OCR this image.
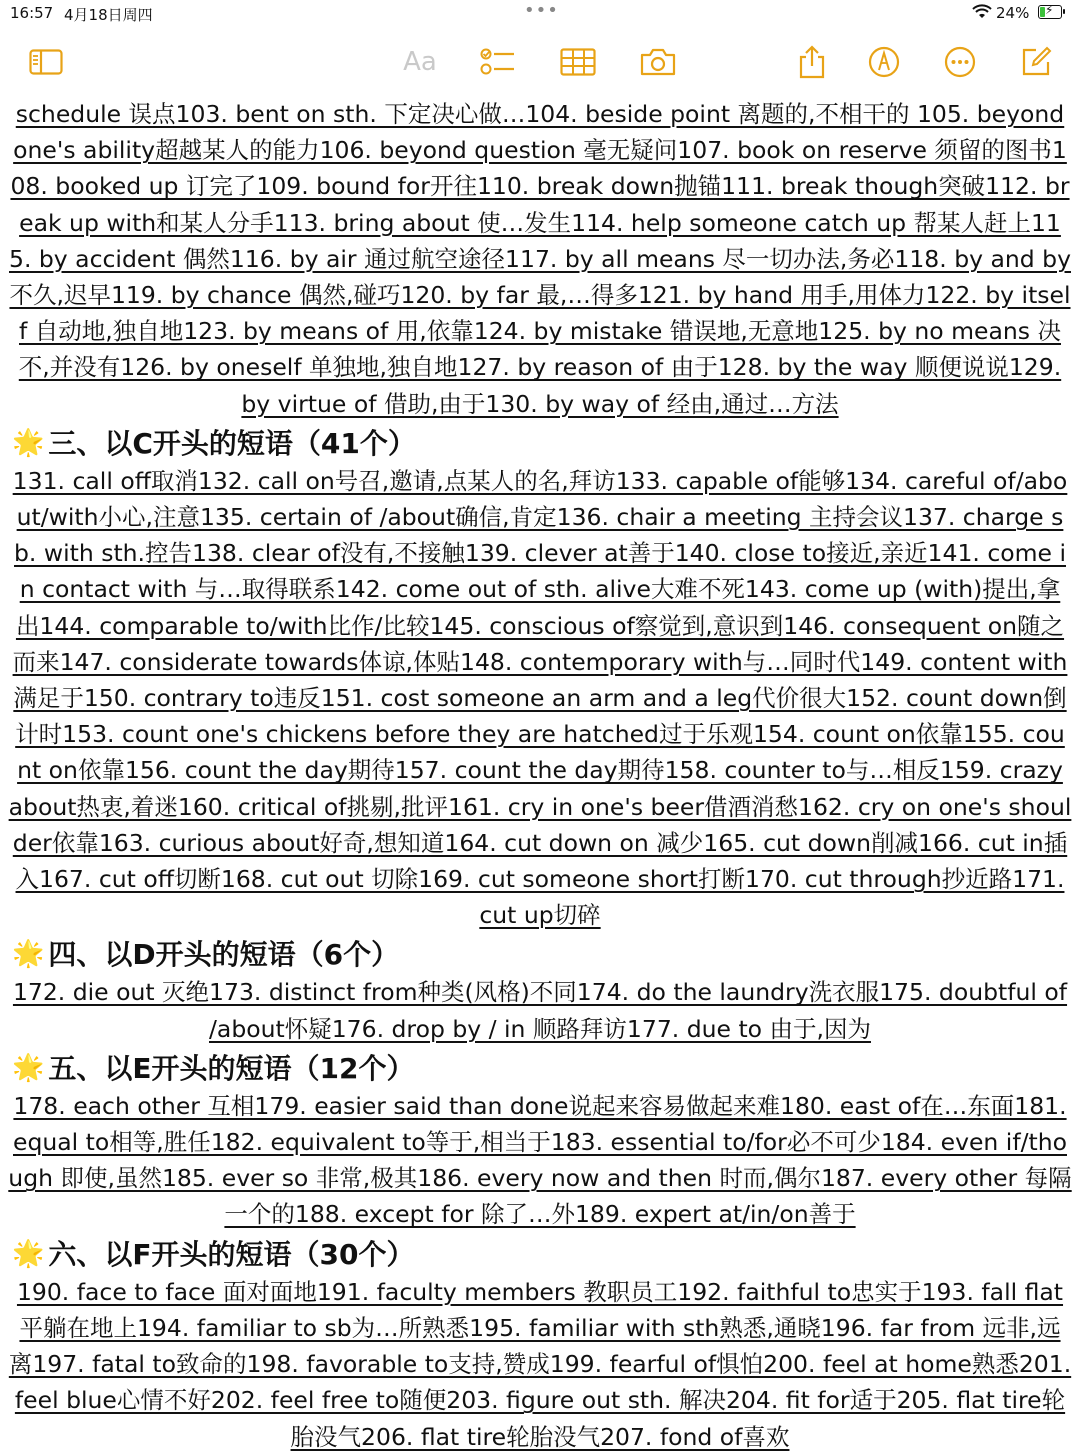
16:57 4月18日周四	•••	24% ⚡
Aa

schedule 误点103. bent on sth. 下定决心做…104. beside point 离题的,不相干的 105. beyond one's ability超越某人的能力106. beyond question 毫无疑问107. book on reserve 须留的图书108. booked up 订完了109. bound for开往110. break down抛锚111. break though突破112. break up with和某人分手113. bring about 使…发生114. help someone catch up 帮某人赶上115. by accident 偶然116. by air 通过航空途径117. by all means 尽一切办法,务必118. by and by 不久,迟早119. by chance 偶然,碰巧120. by far 最,…得多121. by hand 用手,用体力122. by itself 自动地,独自地123. by means of 用,依靠124. by mistake 错误地,无意地125. by no means 决不,并没有126. by oneself 单独地,独自地127. by reason of 由于128. by the way 顺便说说129. by virtue of 借助,由于130. by way of 经由,通过…方法

🌟 三、以C开头的短语（41个）

131. call off取消132. call on号召,邀请,点某人的名,拜访133. capable of能够134. careful of/about/with小心,注意135. certain of /about确信,肯定136. chair a meeting 主持会议137. charge sb. with sth.控告138. clear of没有,不接触139. clever at善于140. close to接近,亲近141. come in contact with 与…取得联系142. come out of sth. alive大难不死143. come up (with)提出,拿出144. comparable to/with比作/比较145. conscious of察觉到,意识到146. consequent on随之而来147. considerate towards体谅,体贴148. contemporary with与…同时代149. content with满足于150. contrary to违反151. cost someone an arm and a leg代价很大152. count down倒计时153. count one's chickens before they are hatched过于乐观154. count on依靠155. count on依靠156. count the day期待157. count the day期待158. counter to与…相反159. crazy about热衷,着迷160. critical of挑剔,批评161. cry in one's beer借酒消愁162. cry on one's shoulder依靠163. curious about好奇,想知道164. cut down on 减少165. cut down削减166. cut in插入167. cut off切断168. cut out 切除169. cut someone short打断170. cut through抄近路171. cut up切碎

🌟 四、以D开头的短语（6个）

172. die out 灭绝173. distinct from种类(风格)不同174. do the laundry洗衣服175. doubtful of /about怀疑176. drop by / in 顺路拜访177. due to 由于,因为

🌟 五、以E开头的短语（12个）

178. each other 互相179. easier said than done说起来容易做起来难180. east of在…东面181. equal to相等,胜任182. equivalent to等于,相当于183. essential to/for必不可少184. even if/though 即使,虽然185. ever so 非常,极其186. every now and then 时而,偶尔187. every other 每隔一个的188. except for 除了…外189. expert at/in/on善于

🌟 六、以F开头的短语（30个）

190. face to face 面对面地191. faculty members 教职员工192. faithful to忠实于193. fall flat 平躺在地上194. familiar to sb为…所熟悉195. familiar with sth熟悉,通晓196. far from 远非,远离197. fatal to致命的198. favorable to支持,赞成199. fearful of惧怕200. feel at home熟悉201. feel blue心情不好202. feel free to随便203. figure out sth. 解决204. fit for适于205. flat tire轮胎没气206. flat tire轮胎没气207. fond of喜欢
